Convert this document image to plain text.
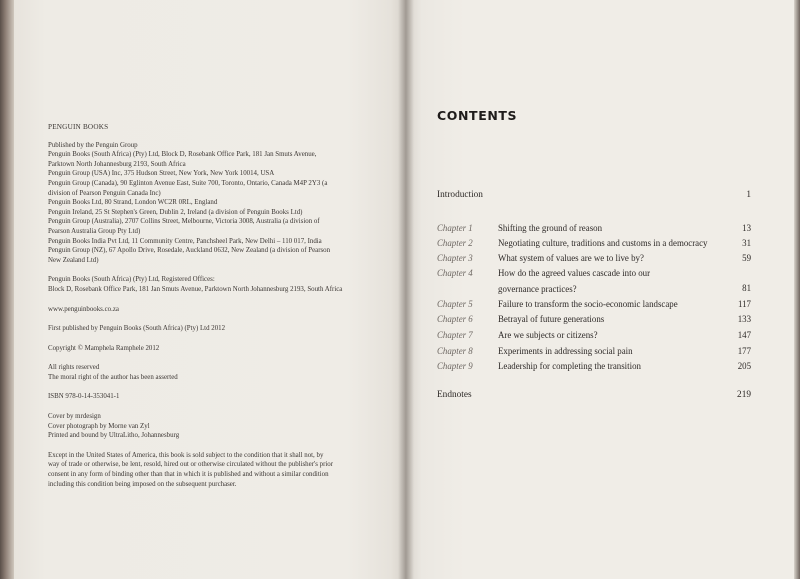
PENGUIN BOOKS

Published by the Penguin Group

Penguin Books (South Africa) (Pty) Ltd, Block D, Rosebank Office Park, 181 Jan Smuts Avenue,

Parktown North Johannesburg 2193, South Africa

Penguin Group (USA) Inc, 375 Hudson Street, New York, New York 10014, USA

Penguin Group (Canada), 90 Eglinton Avenue East, Suite 700, Toronto, Ontario, Canada M4P 2Y3 (a

division of Pearson Penguin Canada Inc)

Penguin Books Ltd, 80 Strand, London WC2R 0RL, England

Penguin Ireland, 25 St Stephen's Green, Dublin 2, Ireland (a division of Penguin Books Ltd)

Penguin Group (Australia), 2707 Collins Street, Melbourne, Victoria 3008, Australia (a division of

Pearson Australia Group Pty Ltd)

Penguin Books India Pvt Ltd, 11 Community Centre, Panchsheel Park, New Delhi – 110 017, India

Penguin Group (NZ), 67 Apollo Drive, Rosedale, Auckland 0632, New Zealand (a division of Pearson

New Zealand Ltd)

Penguin Books (South Africa) (Pty) Ltd, Registered Offices:

Block D, Rosebank Office Park, 181 Jan Smuts Avenue, Parktown North Johannesburg 2193, South Africa

www.penguinbooks.co.za

First published by Penguin Books (South Africa) (Pty) Ltd 2012

Copyright © Mamphela Ramphele 2012

All rights reserved

The moral right of the author has been asserted

ISBN 978-0-14-353041-1

Cover by mrdesign

Cover photograph by Morne van Zyl

Printed and bound by UltraLitho, Johannesburg

Except in the United States of America, this book is sold subject to the condition that it shall not, by

way of trade or otherwise, be lent, resold, hired out or otherwise circulated without the publisher's prior

consent in any form of binding other than that in which it is published and without a similar condition

including this condition being imposed on the subsequent purchaser.

CONTENTS
Introduction	1
Chapter 1	Shifting the ground of reason	13
Chapter 2	Negotiating culture, traditions and customs in a democracy	31
Chapter 3	What system of values are we to live by?	59
Chapter 4	How do the agreed values cascade into our
governance practices?	81
Chapter 5	Failure to transform the socio-economic landscape	117
Chapter 6	Betrayal of future generations	133
Chapter 7	Are we subjects or citizens?	147
Chapter 8	Experiments in addressing social pain	177
Chapter 9	Leadership for completing the transition	205
Endnotes	219
